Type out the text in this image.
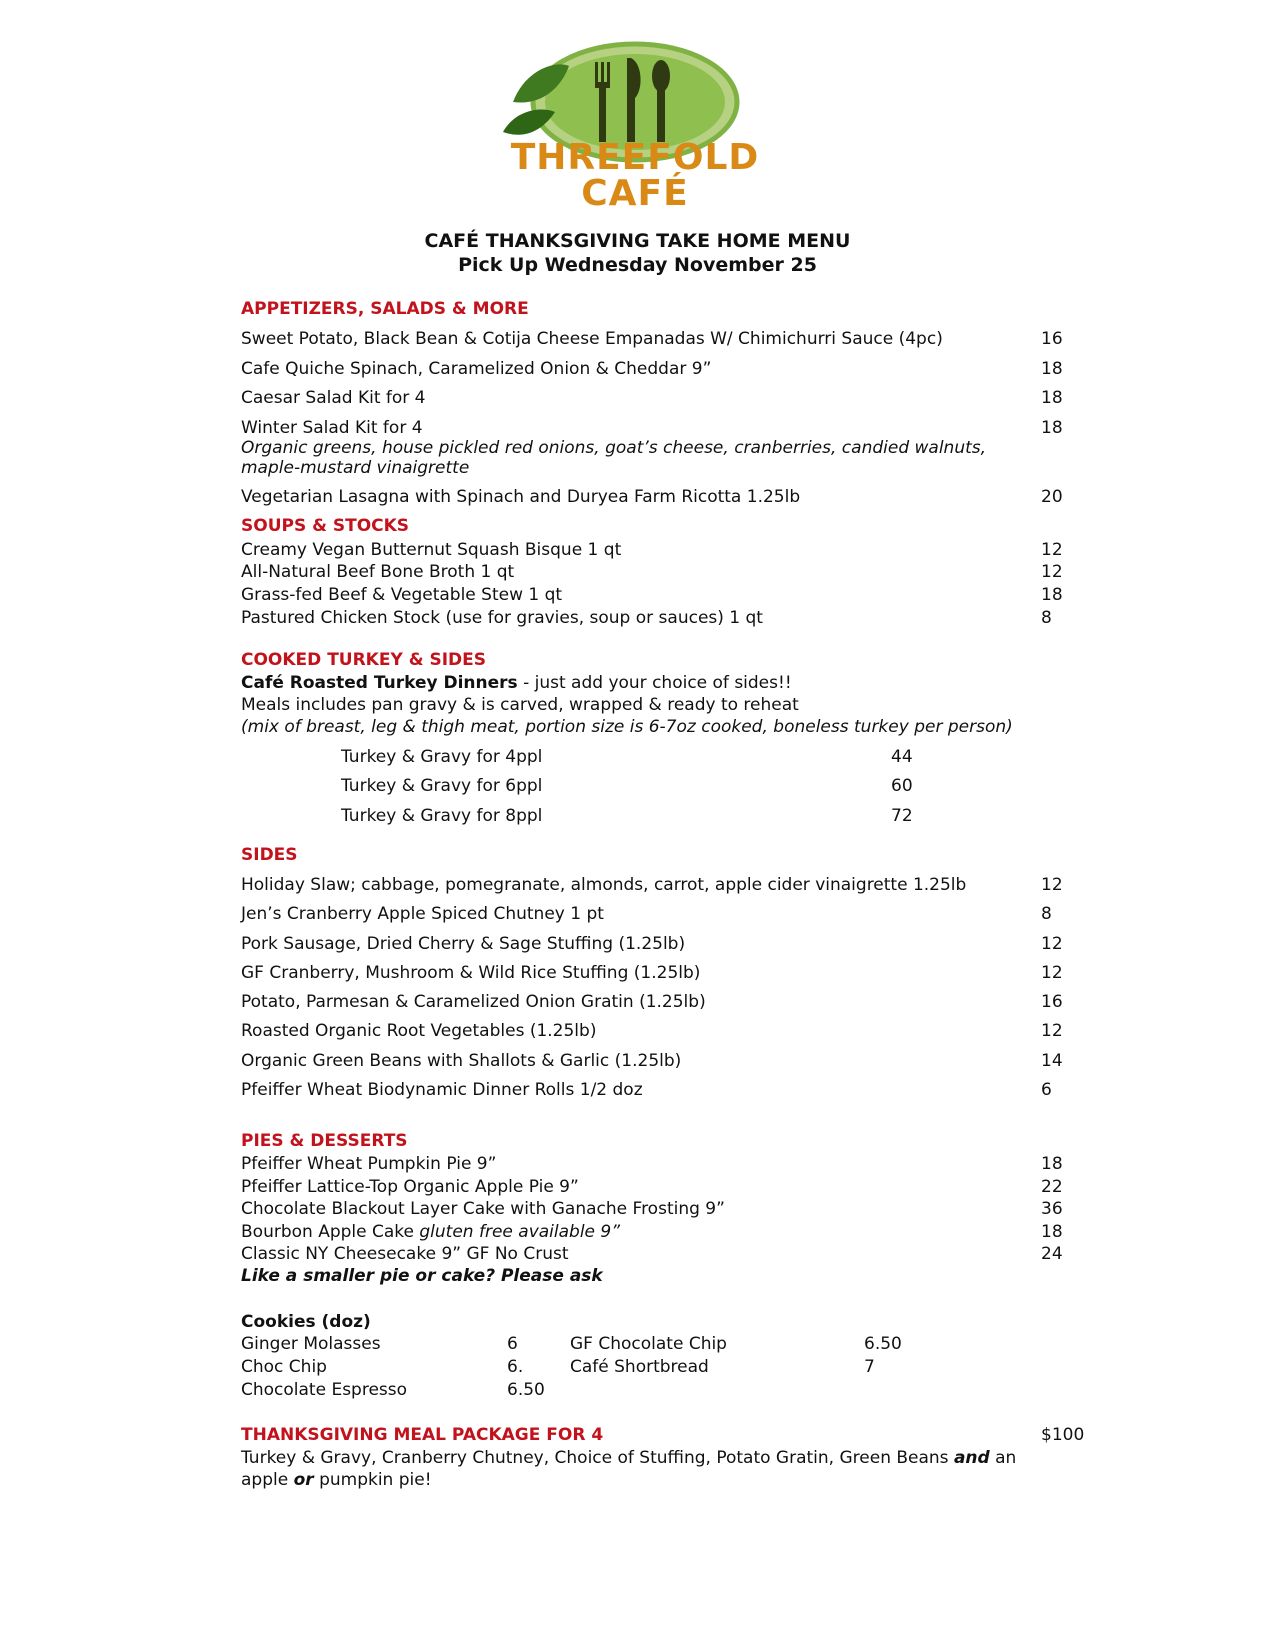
THREEFOLD
CAFÉ
CAFÉ THANKSGIVING TAKE HOME MENU
Pick Up Wednesday November 25
APPETIZERS, SALADS & MORE
Sweet Potato, Black Bean & Cotija Cheese Empanadas W/ Chimichurri Sauce (4pc)	16
Cafe Quiche Spinach, Caramelized Onion & Cheddar 9”	18
Caesar Salad Kit for 4	18
Winter Salad Kit for 4	18
Organic greens, house pickled red onions, goat’s cheese, cranberries, candied walnuts,
maple-mustard vinaigrette
Vegetarian Lasagna with Spinach and Duryea Farm Ricotta 1.25lb	20
SOUPS & STOCKS
Creamy Vegan Butternut Squash Bisque 1 qt	12
All-Natural Beef Bone Broth 1 qt	12
Grass-fed Beef & Vegetable Stew 1 qt	18
Pastured Chicken Stock (use for gravies, soup or sauces) 1 qt	8
COOKED TURKEY & SIDES
Café Roasted Turkey Dinners - just add your choice of sides!!
Meals includes pan gravy & is carved, wrapped & ready to reheat
(mix of breast, leg & thigh meat, portion size is 6-7oz cooked, boneless turkey per person)
Turkey & Gravy for 4ppl	44
Turkey & Gravy for 6ppl	60
Turkey & Gravy for 8ppl	72
SIDES
Holiday Slaw; cabbage, pomegranate, almonds, carrot, apple cider vinaigrette 1.25lb	12
Jen’s Cranberry Apple Spiced Chutney 1 pt	8
Pork Sausage, Dried Cherry & Sage Stuffing (1.25lb)	12
GF Cranberry, Mushroom & Wild Rice Stuffing (1.25lb)	12
Potato, Parmesan & Caramelized Onion Gratin (1.25lb)	16
Roasted Organic Root Vegetables (1.25lb)	12
Organic Green Beans with Shallots & Garlic (1.25lb)	14
Pfeiffer Wheat Biodynamic Dinner Rolls 1/2 doz	6
PIES & DESSERTS
Pfeiffer Wheat Pumpkin Pie 9”	18
Pfeiffer Lattice-Top Organic Apple Pie 9”	22
Chocolate Blackout Layer Cake with Ganache Frosting 9”	36
Bourbon Apple Cake gluten free available 9”	18
Classic NY Cheesecake 9” GF No Crust	24
Like a smaller pie or cake? Please ask
Cookies (doz)
Ginger Molasses	6
Choc Chip	6.
Chocolate Espresso	6.50
GF Chocolate Chip	6.50
Café Shortbread	7
THANKSGIVING MEAL PACKAGE FOR 4	$100
Turkey & Gravy, Cranberry Chutney, Choice of Stuffing, Potato Gratin, Green Beans and an
apple or pumpkin pie!
